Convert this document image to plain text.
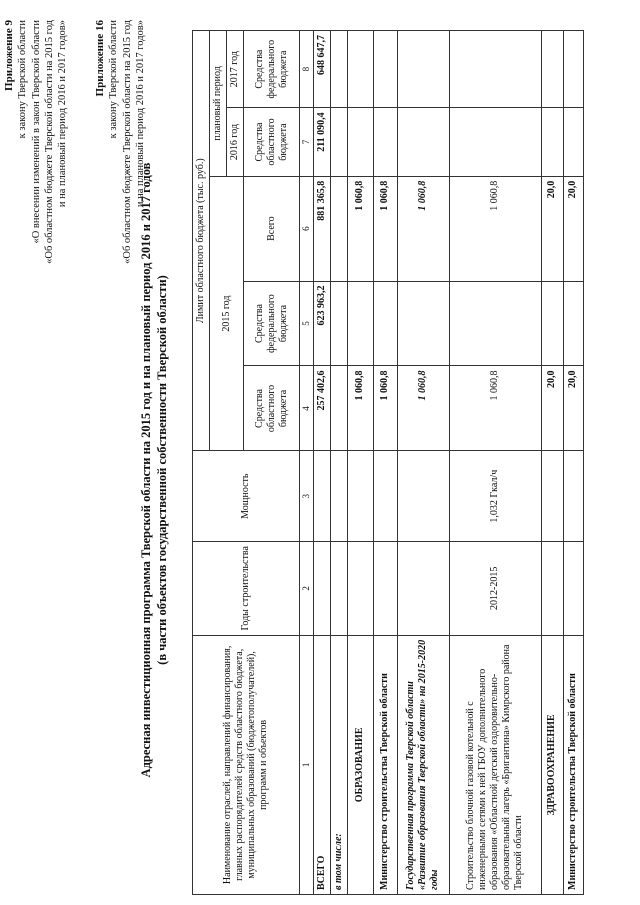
Приложение 9 к закону Тверской области «О внесении изменений в закон Тверской области «Об областном бюджете Тверской области на 2015 год и на плановый период 2016 и 2017 годов» Приложение 16 к закону Тверской области «Об областном бюджете Тверской области на 2015 год и на плановый период 2016 и 2017 годов»
Адресная инвестиционная программа Тверской области на 2015 год и на плановый период 2016 и 2017 годов (в части объектов государственной собственности Тверской области)
Наименование отраслей, направлений финансирования, главных распорядителей средств областного бюджета, муниципальных образований (бюджетополучателей), программ и объектов	Годы строительства	Мощность	Лимит областного бюджета (тыс. руб.)				
			2015 год			плановый период	
						2016 год	2017 год
			Средства областного бюджета	Средства федерального бюджета	Всего	Средства областного бюджета	Средства федерального бюджета
1	2	3	4	5	6	7	8
ВСЕГО			257 402,6	623 963,2	881 365,8	211 090,4	648 647,7
в том числе:							
ОБРАЗОВАНИЕ			1 060,8		1 060,8		
Министерство строительства Тверской области			1 060,8		1 060,8		
Государственная программа Тверской области «Развитие образования Тверской области» на 2015-2020 годы			1 060,8		1 060,8		
Строительство блочной газовой котельной с инженерными сетями к ней ГБОУ дополнительного образования «Областной детский оздоровительно-образовательный лагерь «Бригантина» Кимрского района Тверской области	2012-2015	1,032 Гкал/ч	1 060,8		1 060,8		
ЗДРАВООХРАНЕНИЕ			20,0		20,0		
Министерство строительства Тверской области			20,0		20,0		
